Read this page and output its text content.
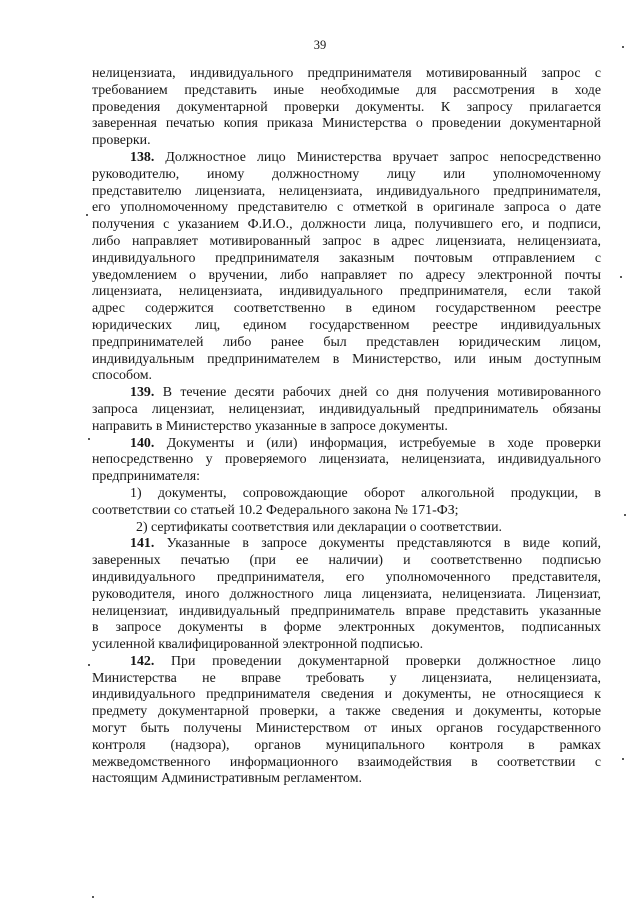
39

нелицензиата, индивидуального предпринимателя мотивированный запрос с
требованием представить иные необходимые для рассмотрения в ходе
проведения документарной проверки документы. К запросу прилагается
заверенная печатью копия приказа Министерства о проведении документарной
проверки.

138. Должностное лицо Министерства вручает запрос непосредственно
руководителю, иному должностному лицу или уполномоченному
представителю лицензиата, нелицензиата, индивидуального предпринимателя,
его уполномоченному представителю с отметкой в оригинале запроса о дате
получения с указанием Ф.И.О., должности лица, получившего его, и подписи,
либо направляет мотивированный запрос в адрес лицензиата, нелицензиата,
индивидуального предпринимателя заказным почтовым отправлением с
уведомлением о вручении, либо направляет по адресу электронной почты
лицензиата, нелицензиата, индивидуального предпринимателя, если такой
адрес содержится соответственно в едином государственном реестре
юридических лиц, едином государственном реестре индивидуальных
предпринимателей либо ранее был представлен юридическим лицом,
индивидуальным предпринимателем в Министерство, или иным доступным
способом.

139. В течение десяти рабочих дней со дня получения мотивированного
запроса лицензиат, нелицензиат, индивидуальный предприниматель обязаны
направить в Министерство указанные в запросе документы.

140. Документы и (или) информация, истребуемые в ходе проверки
непосредственно у проверяемого лицензиата, нелицензиата, индивидуального
предпринимателя:

1) документы, сопровождающие оборот алкогольной продукции, в
соответствии со статьей 10.2 Федерального закона № 171-ФЗ;

2) сертификаты соответствия или декларации о соответствии.

141. Указанные в запросе документы представляются в виде копий,
заверенных печатью (при ее наличии) и соответственно подписью
индивидуального предпринимателя, его уполномоченного представителя,
руководителя, иного должностного лица лицензиата, нелицензиата. Лицензиат,
нелицензиат, индивидуальный предприниматель вправе представить указанные
в запросе документы в форме электронных документов, подписанных
усиленной квалифицированной электронной подписью.

142. При проведении документарной проверки должностное лицо
Министерства не вправе требовать у лицензиата, нелицензиата,
индивидуального предпринимателя сведения и документы, не относящиеся к
предмету документарной проверки, а также сведения и документы, которые
могут быть получены Министерством от иных органов государственного
контроля (надзора), органов муниципального контроля в рамках
межведомственного информационного взаимодействия в соответствии с
настоящим Административным регламентом.
